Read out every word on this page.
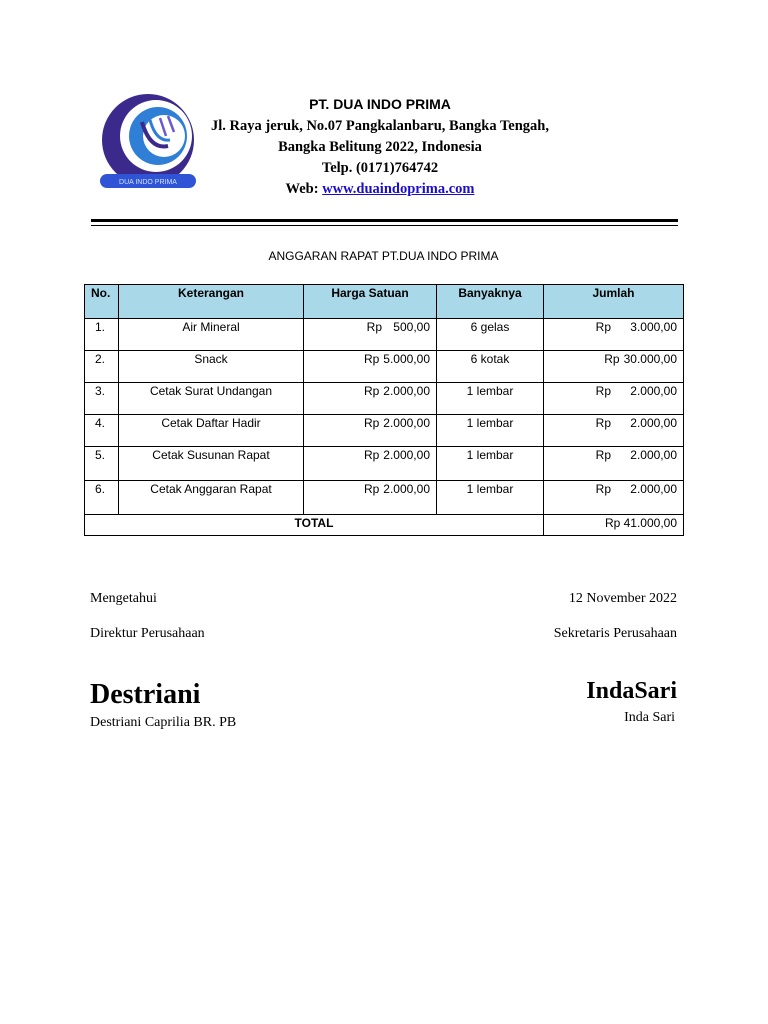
DUA INDO PRIMA
PT. DUA INDO PRIMA
Jl. Raya jeruk, No.07 Pangkalanbaru, Bangka Tengah,
Bangka Belitung 2022, Indonesia
Telp. (0171)764742
Web: www.duaindoprima.com
ANGGARAN RAPAT PT.DUA INDO PRIMA
No.	Keterangan	Harga Satuan	Banyaknya	Jumlah
1.	Air Mineral	Rp 500,00	6 gelas	Rp 3.000,00

2.	Snack	Rp 5.000,00	6 kotak	Rp 30.000,00

3.	Cetak Surat Undangan	Rp 2.000,00	1 lembar	Rp 2.000,00

4.	Cetak Daftar Hadir	Rp 2.000,00	1 lembar	Rp 2.000,00

5.	Cetak Susunan Rapat	Rp 2.000,00	1 lembar	Rp 2.000,00

6.	Cetak Anggaran Rapat	Rp 2.000,00	1 lembar	Rp 2.000,00

TOTAL				Rp 41.000,00
Mengetahui	12 November 2022
Direktur Perusahaan	Sekretaris Perusahaan
Destriani	IndaSari
Destriani Caprilia BR. PB	Inda Sari
